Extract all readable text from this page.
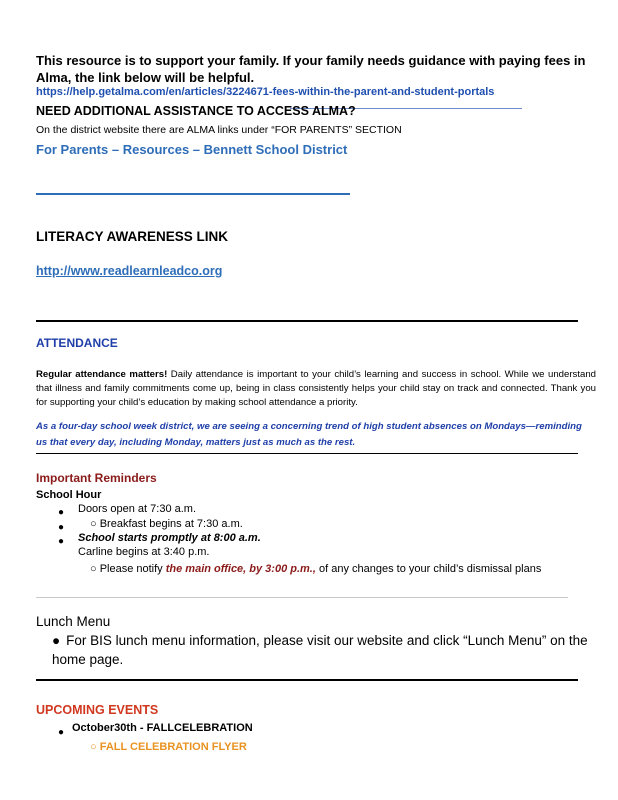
This resource is to support your family. If your family needs guidance with paying fees in Alma, the link below will be helpful.
https://help.getalma.com/en/articles/3224671-fees-within-the-parent-and-student-portals
NEED ADDITIONAL ASSISTANCE TO ACCESS ALMA?
On the district website there are ALMA links under “FOR PARENTS” SECTION
For Parents – Resources – Bennett School District
LITERACY AWARENESS LINK
http://www.readlearnleadco.org
ATTENDANCE
Regular attendance matters! Daily attendance is important to your child’s learning and success in school. While we understand that illness and family commitments come up, being in class consistently helps your child stay on track and connected. Thank you for supporting your child’s education by making school attendance a priority.
As a four-day school week district, we are seeing a concerning trend of high student absences on Mondays—reminding us that every day, including Monday, matters just as much as the rest.
Important Reminders
School Hour
● Doors open at 7:30 a.m.
● ○ Breakfast begins at 7:30 a.m.
● School starts promptly at 8:00 a.m.
Carline begins at 3:40 p.m.
○ Please notify the main office, by 3:00 p.m., of any changes to your child’s dismissal plans
Lunch Menu
● For BIS lunch menu information, please visit our website and click “Lunch Menu” on the home page.
UPCOMING EVENTS
● October30th - FALLCELEBRATION
○ FALL CELEBRATION FLYER
